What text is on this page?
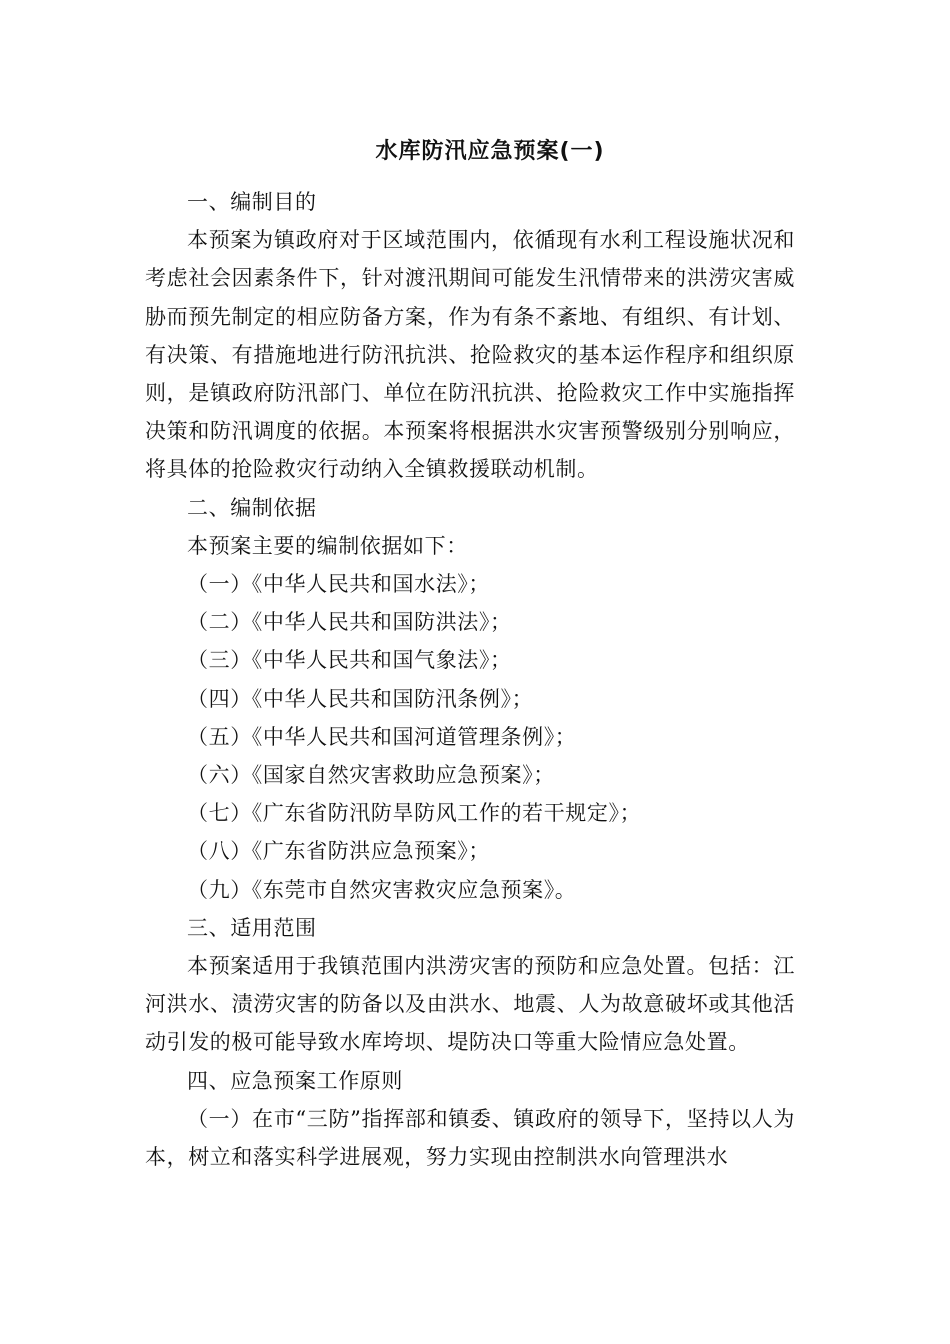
水库防汛应急预案(一)

一、编制目的

本预案为镇政府对于区域范围内，依循现有水利工程设施状况和考虑社会因素条件下，针对渡汛期间可能发生汛情带来的洪涝灾害威胁而预先制定的相应防备方案，作为有条不紊地、有组织、有计划、有决策、有措施地进行防汛抗洪、抢险救灾的基本运作程序和组织原则，是镇政府防汛部门、单位在防汛抗洪、抢险救灾工作中实施指挥决策和防汛调度的依据。本预案将根据洪水灾害预警级别分别响应，将具体的抢险救灾行动纳入全镇救援联动机制。

二、编制依据

本预案主要的编制依据如下：

（一）《中华人民共和国水法》；

（二）《中华人民共和国防洪法》；

（三）《中华人民共和国气象法》；

（四）《中华人民共和国防汛条例》；

（五）《中华人民共和国河道管理条例》；

（六）《国家自然灾害救助应急预案》；

（七）《广东省防汛防旱防风工作的若干规定》；

（八）《广东省防洪应急预案》；

（九）《东莞市自然灾害救灾应急预案》。

三、适用范围

本预案适用于我镇范围内洪涝灾害的预防和应急处置。包括：江河洪水、渍涝灾害的防备以及由洪水、地震、人为故意破坏或其他活动引发的极可能导致水库垮坝、堤防决口等重大险情应急处置。

四、应急预案工作原则

（一）在市“三防”指挥部和镇委、镇政府的领导下，坚持以人为本，树立和落实科学进展观，努力实现由控制洪水向管理洪水
